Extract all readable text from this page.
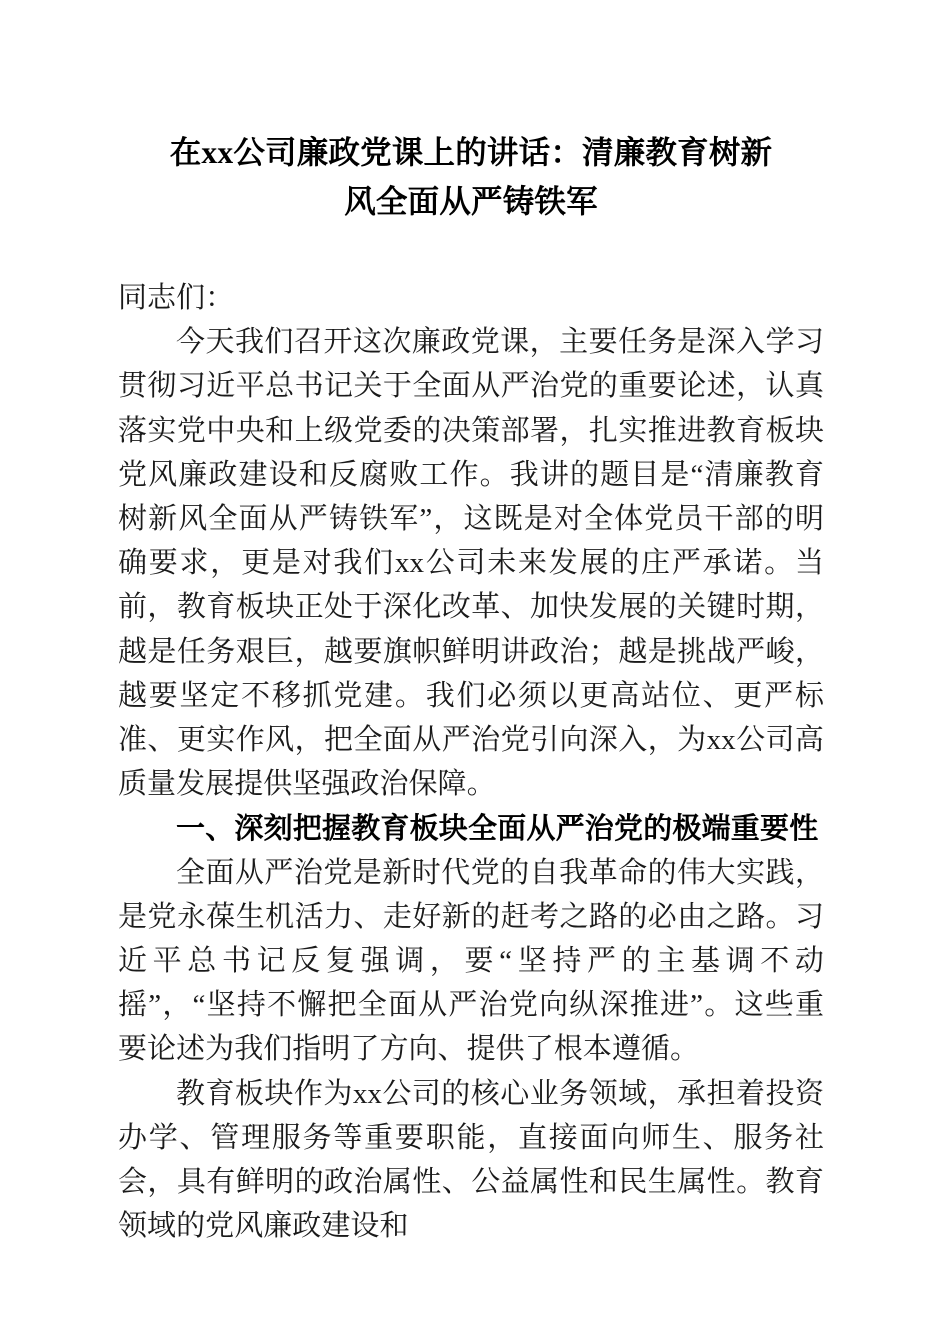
在xx公司廉政党课上的讲话：清廉教育树新
风全面从严铸铁军

同志们：

今天我们召开这次廉政党课，主要任务是深入学习贯彻习近平总书记关于全面从严治党的重要论述，认真落实党中央和上级党委的决策部署，扎实推进教育板块党风廉政建设和反腐败工作。我讲的题目是“清廉教育树新风全面从严铸铁军”，这既是对全体党员干部的明确要求，更是对我们xx公司未来发展的庄严承诺。当前，教育板块正处于深化改革、加快发展的关键时期，越是任务艰巨，越要旗帜鲜明讲政治；越是挑战严峻，越要坚定不移抓党建。我们必须以更高站位、更严标准、更实作风，把全面从严治党引向深入，为xx公司高质量发展提供坚强政治保障。

一、深刻把握教育板块全面从严治党的极端重要性

全面从严治党是新时代党的自我革命的伟大实践，是党永葆生机活力、走好新的赶考之路的必由之路。习近平总书记反复强调，要“坚持严的主基调不动摇”，“坚持不懈把全面从严治党向纵深推进”。这些重要论述为我们指明了方向、提供了根本遵循。

教育板块作为xx公司的核心业务领域，承担着投资办学、管理服务等重要职能，直接面向师生、服务社会，具有鲜明的政治属性、公益属性和民生属性。教育领域的党风廉政建设和
